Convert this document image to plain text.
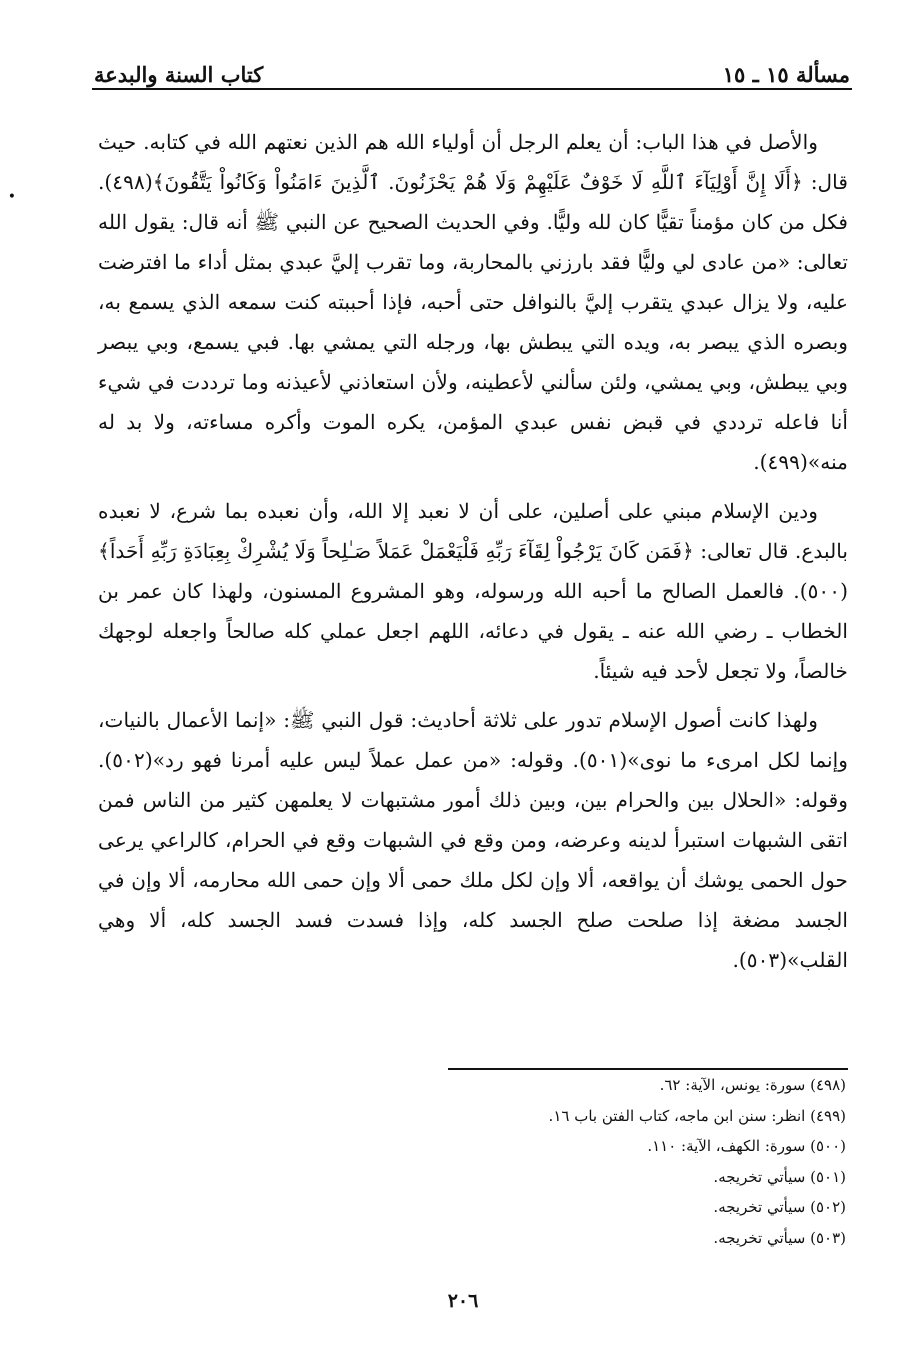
مسألة ١٥ ـ ١٥
كتاب السنة والبدعة
•

والأصل في هذا الباب: أن يعلم الرجل أن أولياء الله هم الذين نعتهم الله في كتابه. حيث قال: ﴿أَلَا إِنَّ أَوْلِيَآءَ ٱللَّهِ لَا خَوْفٌ عَلَيْهِمْ وَلَا هُمْ يَحْزَنُونَ. ٱلَّذِينَ ءَامَنُواْ وَكَانُواْ يَتَّقُونَ﴾(٤٩٨). فكل من كان مؤمناً تقيًّا كان لله وليًّا. وفي الحديث الصحيح عن النبي ﷺ أنه قال: يقول الله تعالى: «من عادى لي وليًّا فقد بارزني بالمحاربة، وما تقرب إليَّ عبدي بمثل أداء ما افترضت عليه، ولا يزال عبدي يتقرب إليَّ بالنوافل حتى أحبه، فإذا أحببته كنت سمعه الذي يسمع به، وبصره الذي يبصر به، ويده التي يبطش بها، ورجله التي يمشي بها. فبي يسمع، وبي يبصر وبي يبطش، وبي يمشي، ولئن سألني لأعطينه، ولأن استعاذني لأعيذنه وما ترددت في شيء أنا فاعله ترددي في قبض نفس عبدي المؤمن، يكره الموت وأكره مساءته، ولا بد له منه»(٤٩٩).

ودين الإسلام مبني على أصلين، على أن لا نعبد إلا الله، وأن نعبده بما شرع، لا نعبده بالبدع. قال تعالى: ﴿فَمَن كَانَ يَرْجُواْ لِقَآءَ رَبِّهِ فَلْيَعْمَلْ عَمَلاً صَـٰلِحاً وَلَا يُشْرِكْ بِعِبَادَةِ رَبِّهِ أَحَداً﴾(٥٠٠). فالعمل الصالح ما أحبه الله ورسوله، وهو المشروع المسنون، ولهذا كان عمر بن الخطاب ـ رضي الله عنه ـ يقول في دعائه، اللهم اجعل عملي كله صالحاً واجعله لوجهك خالصاً، ولا تجعل لأحد فيه شيئاً.

ولهذا كانت أصول الإسلام تدور على ثلاثة أحاديث: قول النبي ﷺ: «إنما الأعمال بالنيات، وإنما لكل امرىء ما نوى»(٥٠١). وقوله: «من عمل عملاً ليس عليه أمرنا فهو رد»(٥٠٢). وقوله: «الحلال بين والحرام بين، وبين ذلك أمور مشتبهات لا يعلمهن كثير من الناس فمن اتقى الشبهات استبرأ لدينه وعرضه، ومن وقع في الشبهات وقع في الحرام، كالراعي يرعى حول الحمى يوشك أن يواقعه، ألا وإن لكل ملك حمى ألا وإن حمى الله محارمه، ألا وإن في الجسد مضغة إذا صلحت صلح الجسد كله، وإذا فسدت فسد الجسد كله، ألا وهي القلب»(٥٠٣).

(٤٩٨) سورة: يونس، الآية: ٦٢.
(٤٩٩) انظر: سنن ابن ماجه، كتاب الفتن باب ١٦.
(٥٠٠) سورة: الكهف، الآية: ١١٠.
(٥٠١) سيأتي تخريجه.
(٥٠٢) سيأتي تخريجه.
(٥٠٣) سيأتي تخريجه.
٢٠٦
